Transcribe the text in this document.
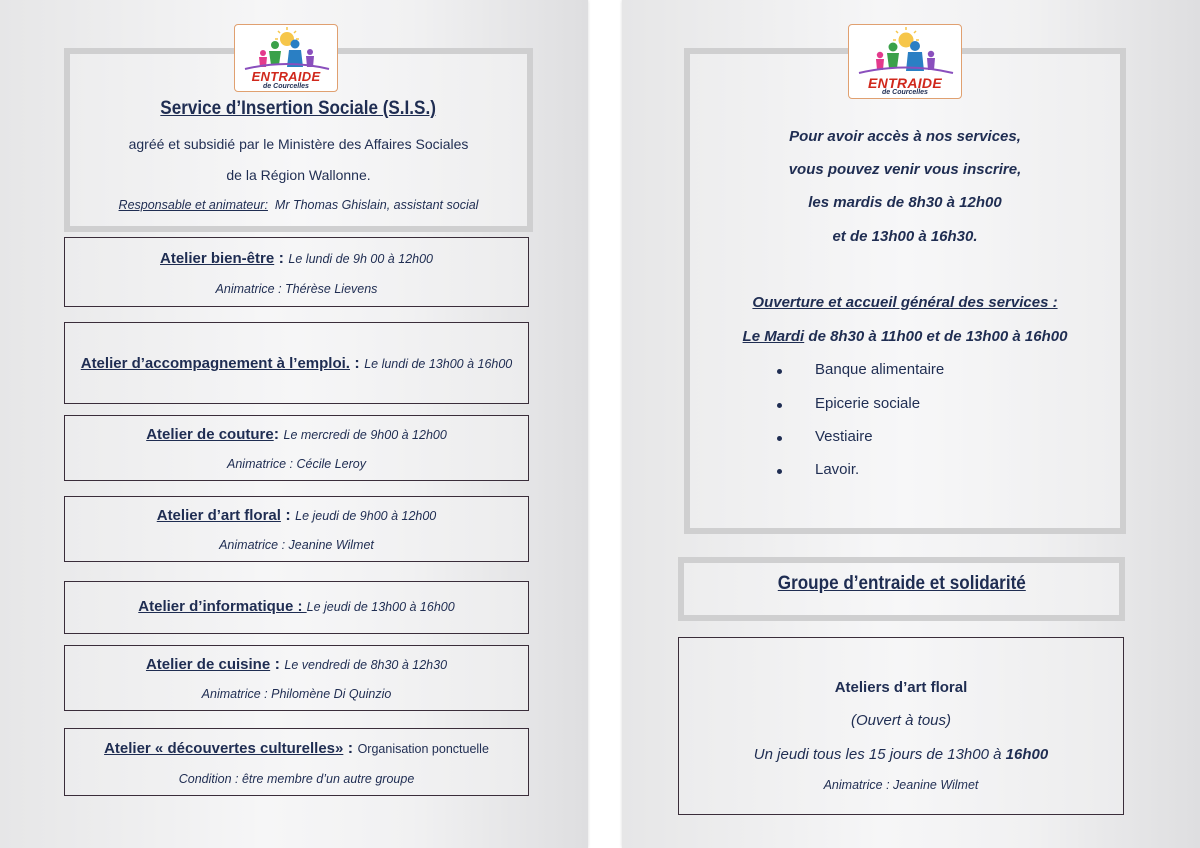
ENTRAIDE
de Courcelles
Service d’Insertion Sociale (S.I.S.)
agréé et subsidié par le Ministère des Affaires Sociales
de la Région Wallonne.
Responsable et animateur: Mr Thomas Ghislain, assistant social
Atelier bien-être : Le lundi de 9h 00 à 12h00
Animatrice : Thérèse Lievens
Atelier d’accompagnement à l’emploi. : Le lundi de 13h00 à 16h00
Atelier de couture: Le mercredi de 9h00 à 12h00
Animatrice : Cécile Leroy
Atelier d’art floral : Le jeudi de 9h00 à 12h00
Animatrice : Jeanine Wilmet
Atelier d’informatique : Le jeudi de 13h00 à 16h00
Atelier de cuisine : Le vendredi de 8h30 à 12h30
Animatrice : Philomène Di Quinzio
Atelier « découvertes culturelles» : Organisation ponctuelle
Condition : être membre d’un autre groupe
ENTRAIDE
de Courcelles
Pour avoir accès à nos services,
vous pouvez venir vous inscrire,
les mardis de 8h30 à 12h00
et de 13h00 à 16h30.
Ouverture et accueil général des services :
Le Mardi de 8h30 à 11h00 et de 13h00 à 16h00
Banque alimentaire
Epicerie sociale
Vestiaire
Lavoir.
Groupe d’entraide et solidarité
Ateliers d’art floral
(Ouvert à tous)
Un jeudi tous les 15 jours de 13h00 à 16h00
Animatrice : Jeanine Wilmet
